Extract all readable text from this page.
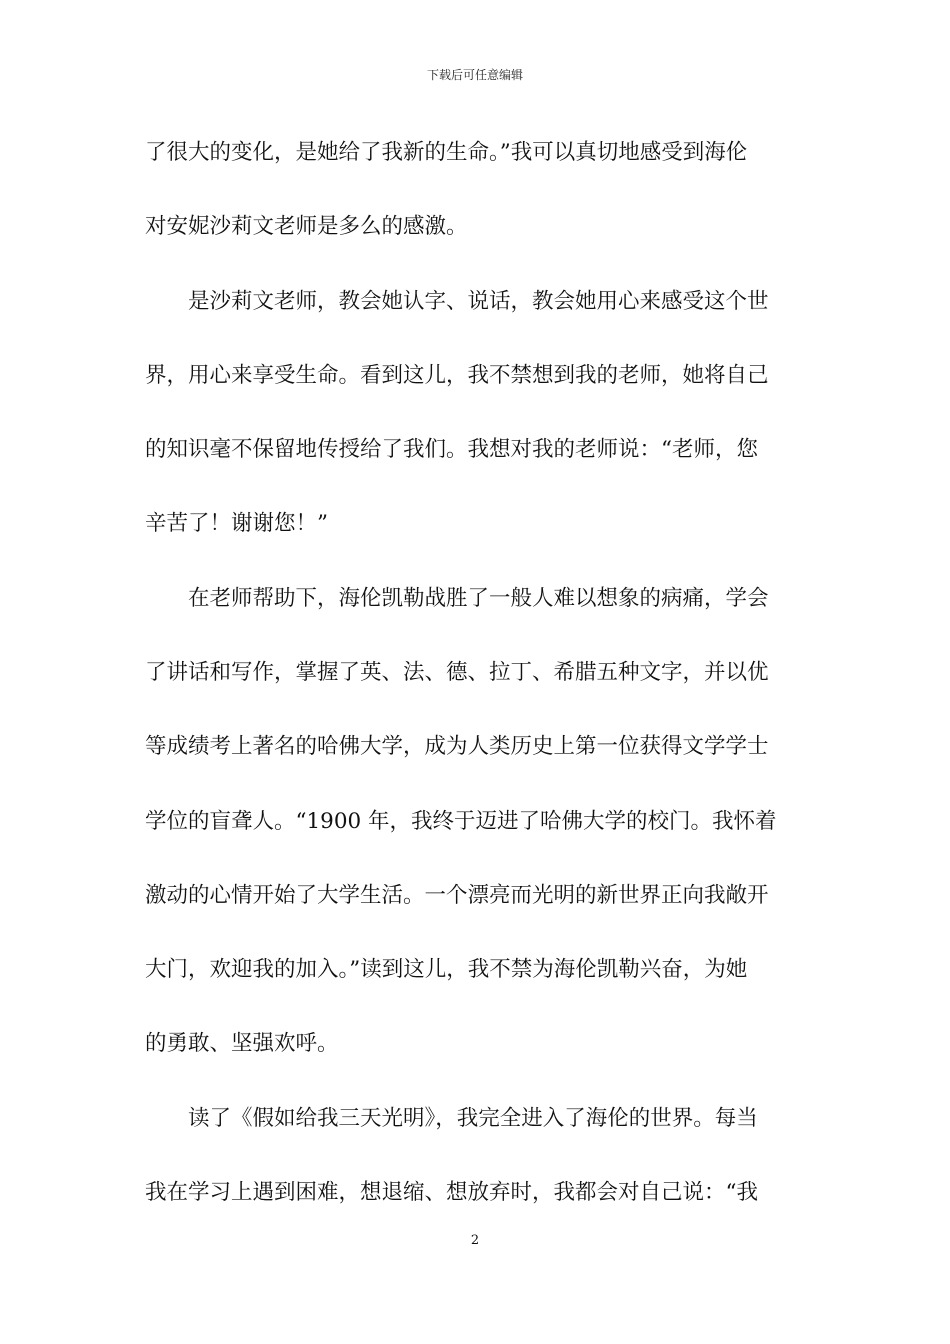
下载后可任意编辑
了很大的变化，是她给了我新的生命。”我可以真切地感受到海伦
对安妮沙莉文老师是多么的感激。
　　是沙莉文老师，教会她认字、说话，教会她用心来感受这个世
界，用心来享受生命。看到这儿，我不禁想到我的老师，她将自己
的知识毫不保留地传授给了我们。我想对我的老师说：“老师，您
辛苦了！谢谢您！”
　　在老师帮助下，海伦凯勒战胜了一般人难以想象的病痛，学会
了讲话和写作，掌握了英、法、德、拉丁、希腊五种文字，并以优
等成绩考上著名的哈佛大学，成为人类历史上第一位获得文学学士
学位的盲聋人。“1900 年，我终于迈进了哈佛大学的校门。我怀着
激动的心情开始了大学生活。一个漂亮而光明的新世界正向我敞开
大门，欢迎我的加入。”读到这儿，我不禁为海伦凯勒兴奋，为她
的勇敢、坚强欢呼。
　　读了《假如给我三天光明》，我完全进入了海伦的世界。每当
我在学习上遇到困难，想退缩、想放弃时，我都会对自己说：“我
2
